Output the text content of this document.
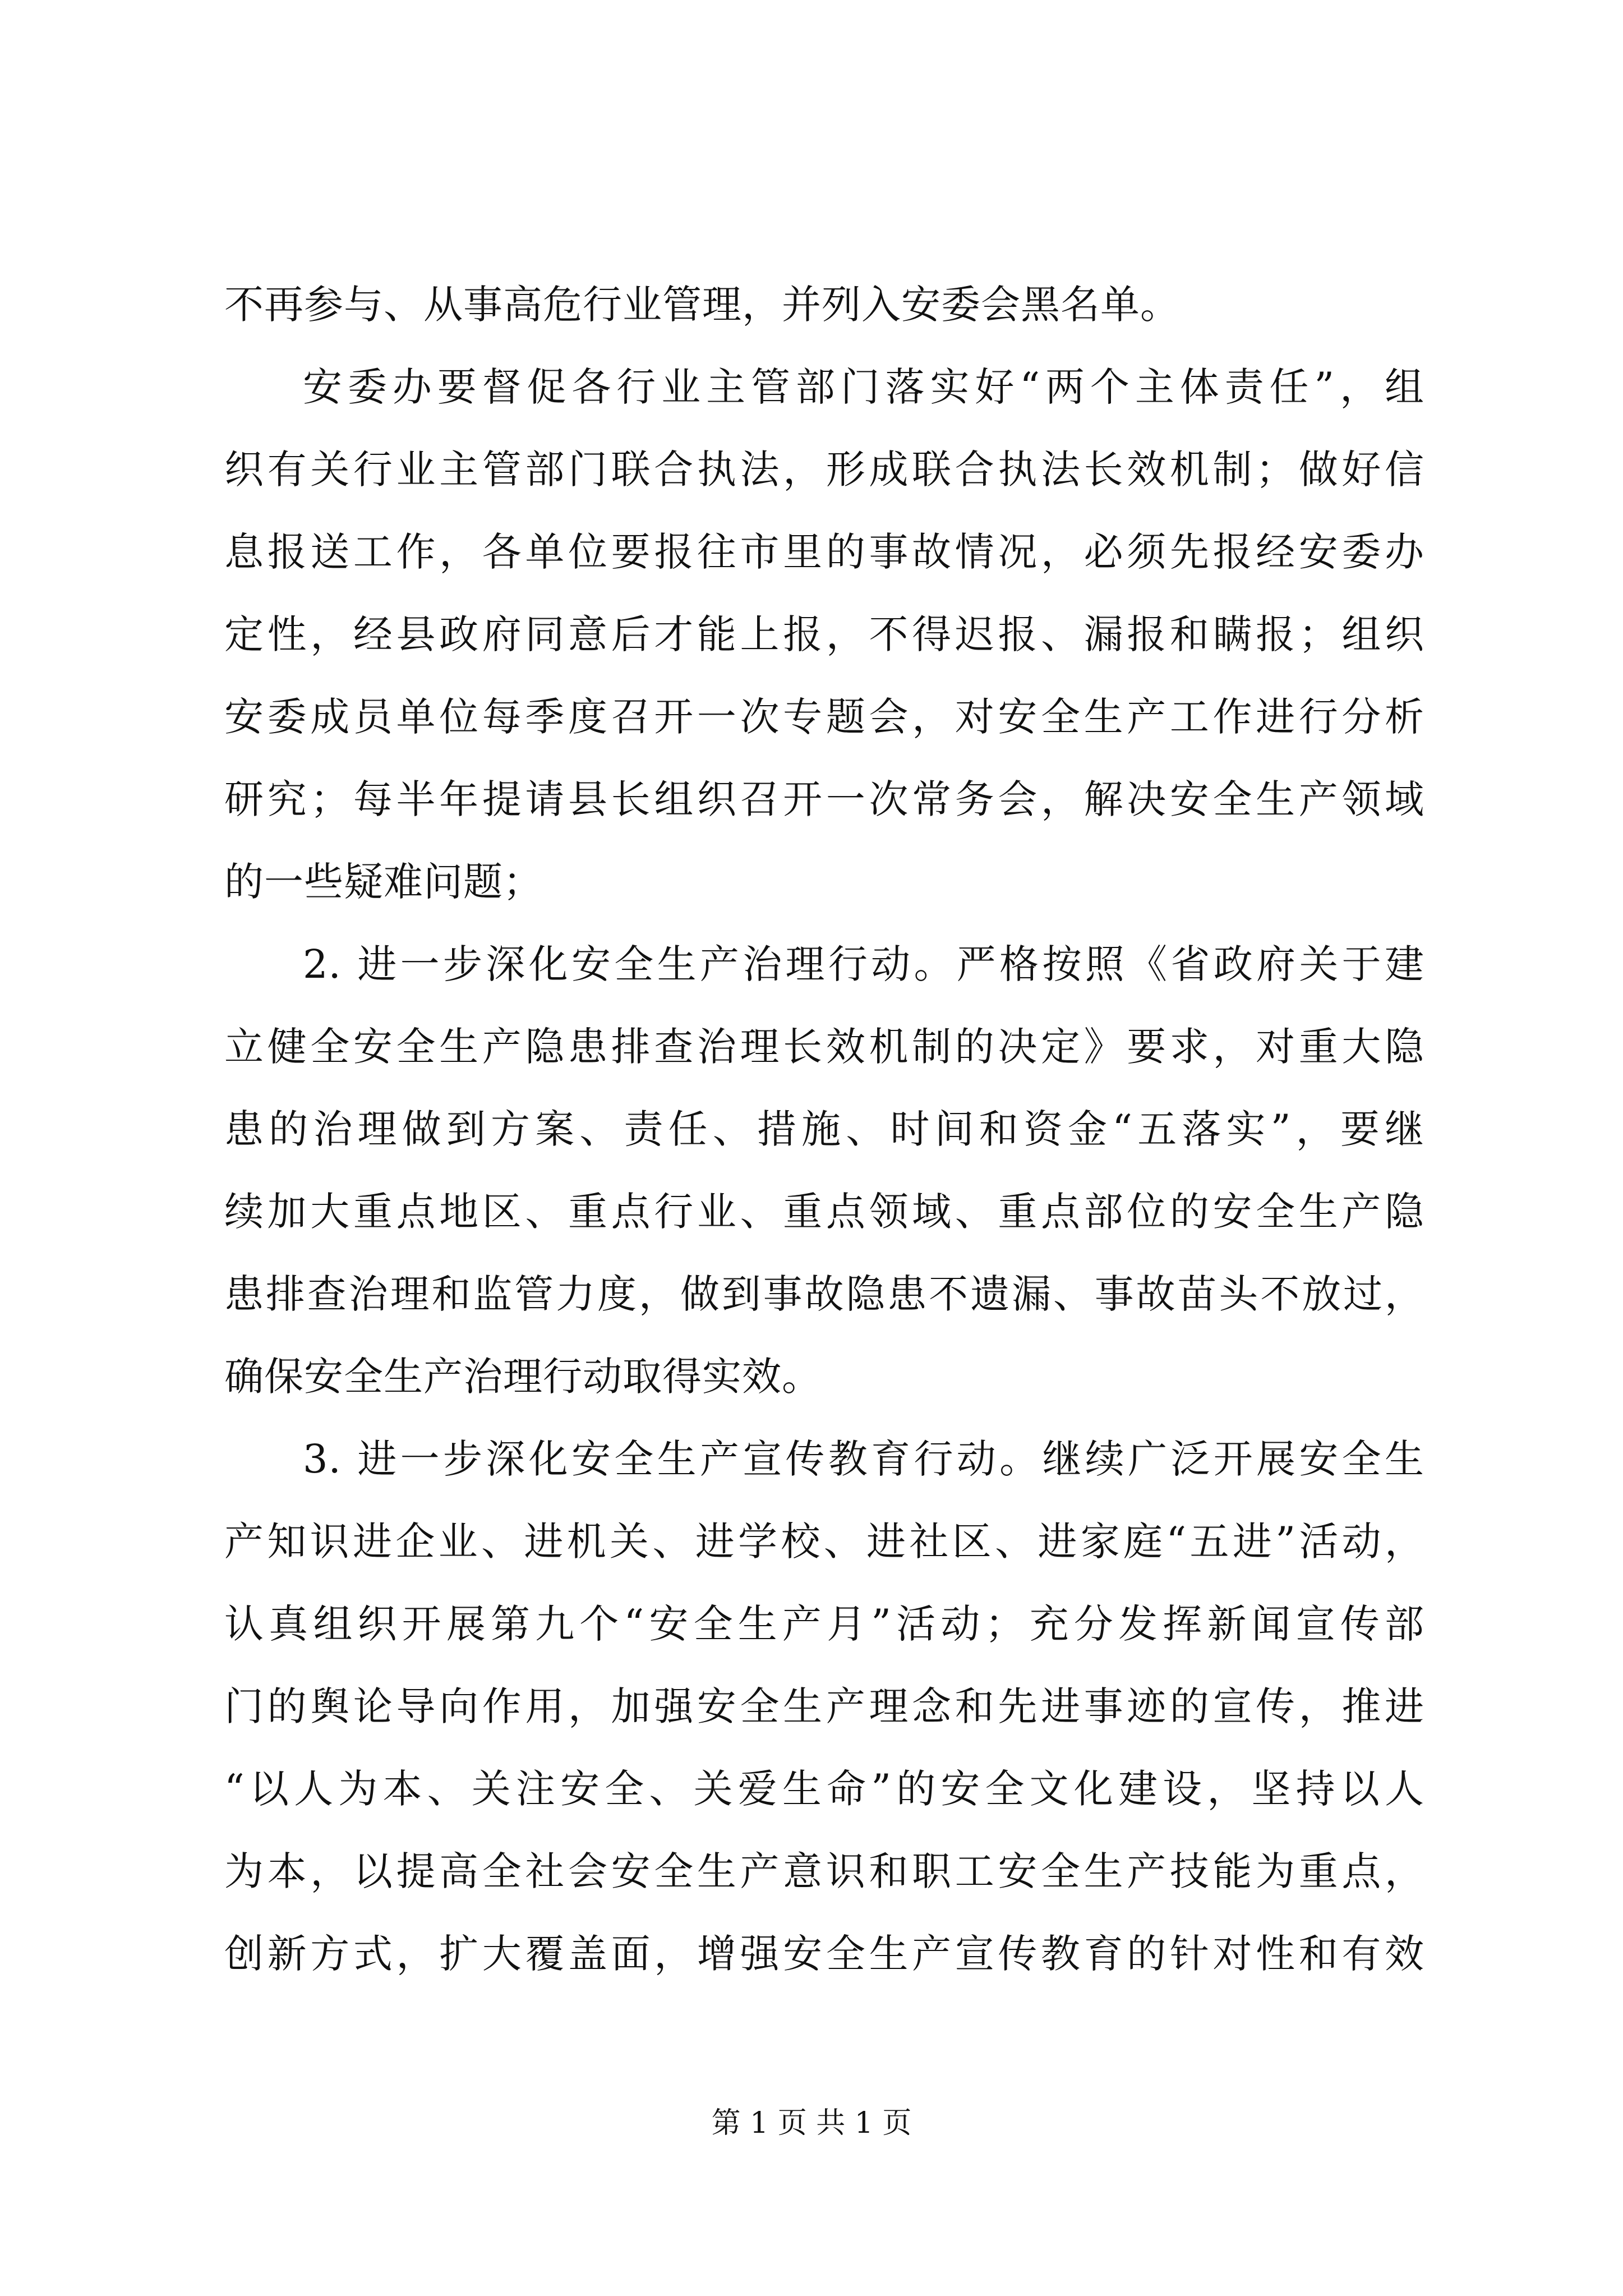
不再参与、从事高危行业管理，并列入安委会黑名单。
安委办要督促各行业主管部门落实好“两个主体责任”，组
织有关行业主管部门联合执法，形成联合执法长效机制；做好信
息报送工作，各单位要报往市里的事故情况，必须先报经安委办
定性，经县政府同意后才能上报，不得迟报、漏报和瞒报；组织
安委成员单位每季度召开一次专题会，对安全生产工作进行分析
研究；每半年提请县长组织召开一次常务会，解决安全生产领域
的一些疑难问题；
2. 进一步深化安全生产治理行动。严格按照《省政府关于建
立健全安全生产隐患排查治理长效机制的决定》要求，对重大隐
患的治理做到方案、责任、措施、时间和资金“五落实”，要继
续加大重点地区、重点行业、重点领域、重点部位的安全生产隐
患排查治理和监管力度，做到事故隐患不遗漏、事故苗头不放过，
确保安全生产治理行动取得实效。
3. 进一步深化安全生产宣传教育行动。继续广泛开展安全生
产知识进企业、进机关、进学校、进社区、进家庭“五进”活动，
认真组织开展第九个“安全生产月”活动；充分发挥新闻宣传部
门的舆论导向作用，加强安全生产理念和先进事迹的宣传，推进
“以人为本、关注安全、关爱生命”的安全文化建设，坚持以人
为本，以提高全社会安全生产意识和职工安全生产技能为重点，
创新方式，扩大覆盖面，增强安全生产宣传教育的针对性和有效
第 1 页 共 1 页
